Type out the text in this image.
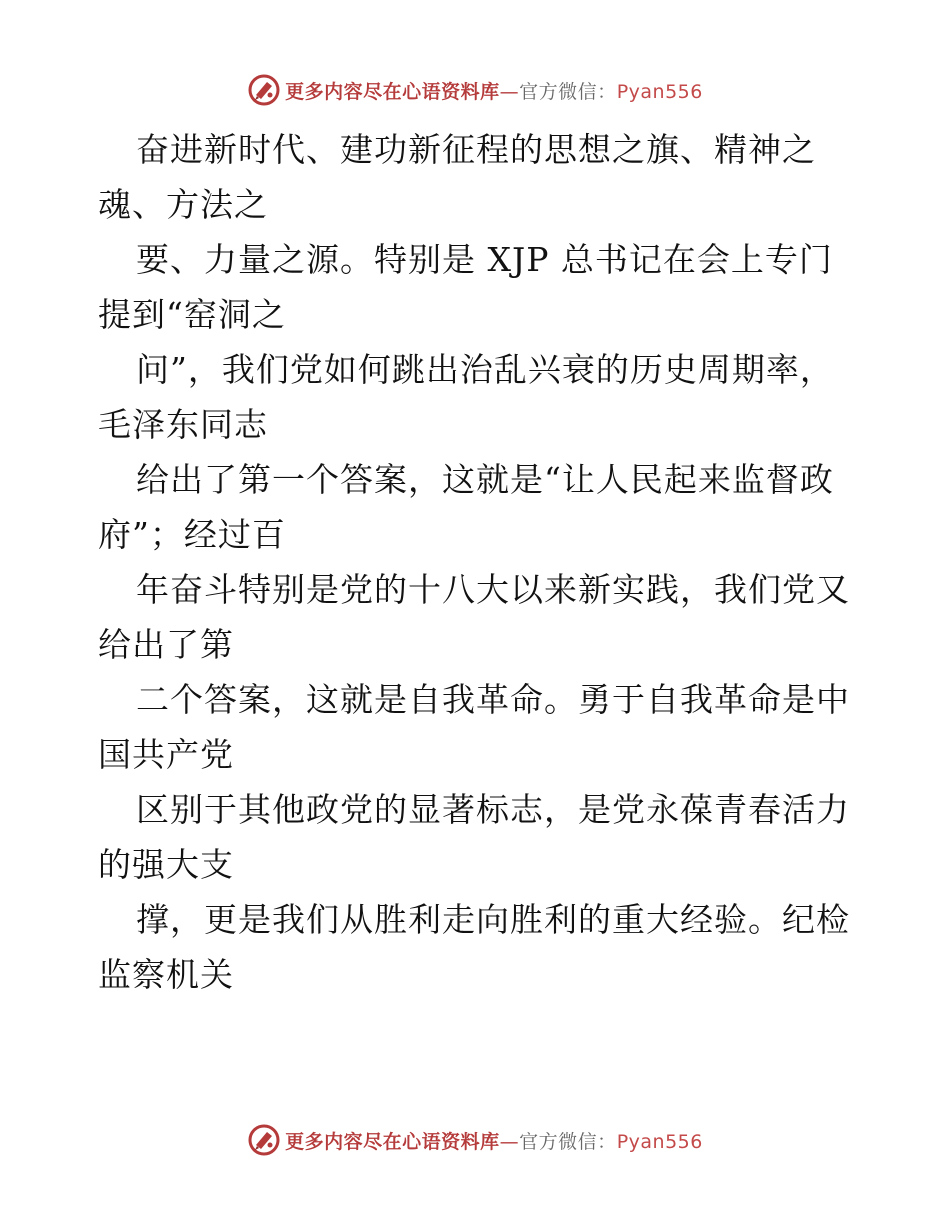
更多内容尽在心语资料库—官方微信：Pyan556
奋进新时代、建功新征程的思想之旗、精神之
魂、方法之
要、力量之源。特别是 XJP 总书记在会上专门
提到“窑洞之
问”，我们党如何跳出治乱兴衰的历史周期率，
毛泽东同志
给出了第一个答案，这就是“让人民起来监督政
府”；经过百
年奋斗特别是党的十八大以来新实践，我们党又
给出了第
二个答案，这就是自我革命。勇于自我革命是中
国共产党
区别于其他政党的显著标志，是党永葆青春活力
的强大支
撑，更是我们从胜利走向胜利的重大经验。纪检
监察机关
更多内容尽在心语资料库—官方微信：Pyan556
